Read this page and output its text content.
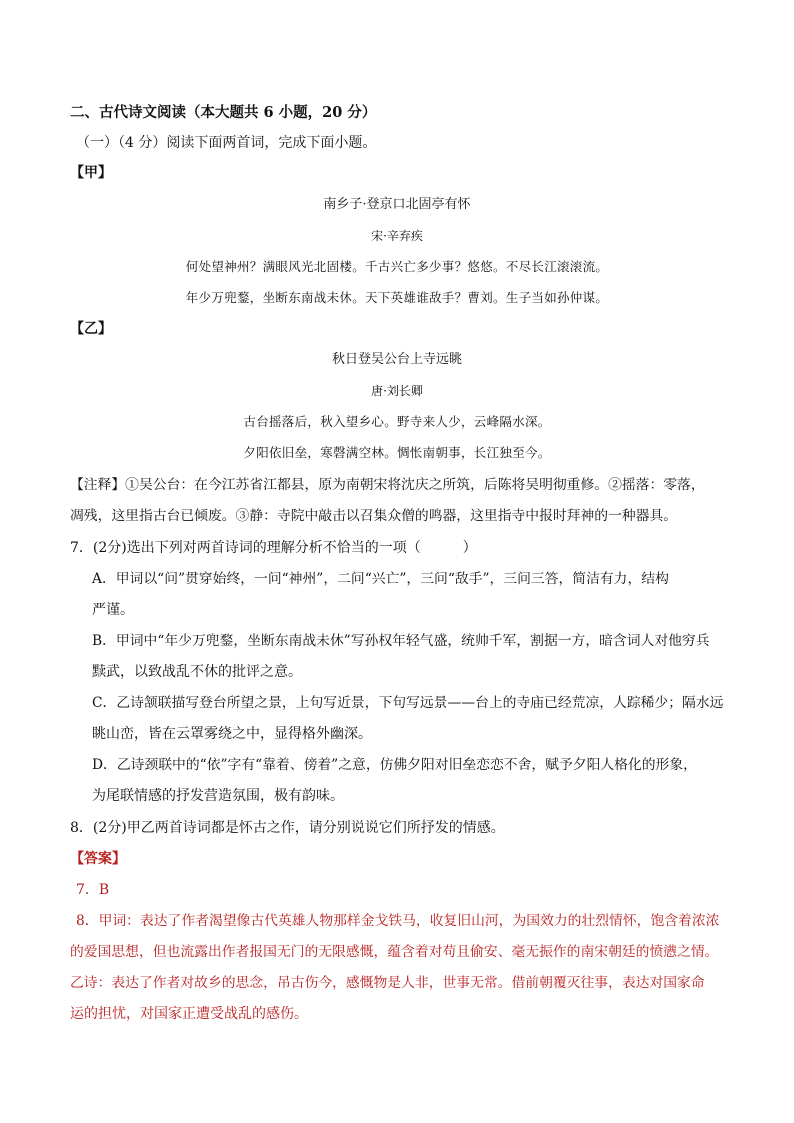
二、古代诗文阅读（本大题共 6 小题，20 分）
（一）（4 分）阅读下面两首词，完成下面小题。
【甲】
南乡子·登京口北固亭有怀
宋·辛弃疾
何处望神州？满眼风光北固楼。千古兴亡多少事？悠悠。不尽长江滚滚流。
年少万兜鍪，坐断东南战未休。天下英雄谁敌手？曹刘。生子当如孙仲谋。
【乙】
秋日登吴公台上寺远眺
唐·刘长卿
古台摇落后，秋入望乡心。野寺来人少，云峰隔水深。
夕阳依旧垒，寒磬满空林。惆怅南朝事，长江独至今。
【注释】①吴公台：在今江苏省江都县，原为南朝宋将沈庆之所筑，后陈将吴明彻重修。②摇落：零落，
凋残，这里指古台已倾废。③静：寺院中敲击以召集众僧的鸣器，这里指寺中报时拜神的一种器具。
7．(2分)选出下列对两首诗词的理解分析不恰当的一项（　　　）
A．甲词以“问”贯穿始终，一问“神州”，二问“兴亡”，三问“敌手”，三问三答，简洁有力，结构
严谨。
B．甲词中“年少万兜鍪，坐断东南战未休”写孙权年轻气盛，统帅千军，割据一方，暗含词人对他穷兵
黩武，以致战乱不休的批评之意。
C．乙诗颔联描写登台所望之景，上句写近景，下句写远景——台上的寺庙已经荒凉，人踪稀少；隔水远
眺山峦，皆在云罩雾绕之中，显得格外幽深。
D．乙诗颈联中的“依”字有“靠着、傍着”之意，仿佛夕阳对旧垒恋恋不舍，赋予夕阳人格化的形象，
为尾联情感的抒发营造氛围，极有韵味。
8．(2分)甲乙两首诗词都是怀古之作，请分别说说它们所抒发的情感。
【答案】
7．B
8．甲词：表达了作者渴望像古代英雄人物那样金戈铁马，收复旧山河，为国效力的壮烈情怀，饱含着浓浓
的爱国思想，但也流露出作者报国无门的无限感慨，蕴含着对苟且偷安、毫无振作的南宋朝廷的愤懑之情。
乙诗：表达了作者对故乡的思念，吊古伤今，感慨物是人非，世事无常。借前朝覆灭往事，表达对国家命
运的担忧，对国家正遭受战乱的感伤。
